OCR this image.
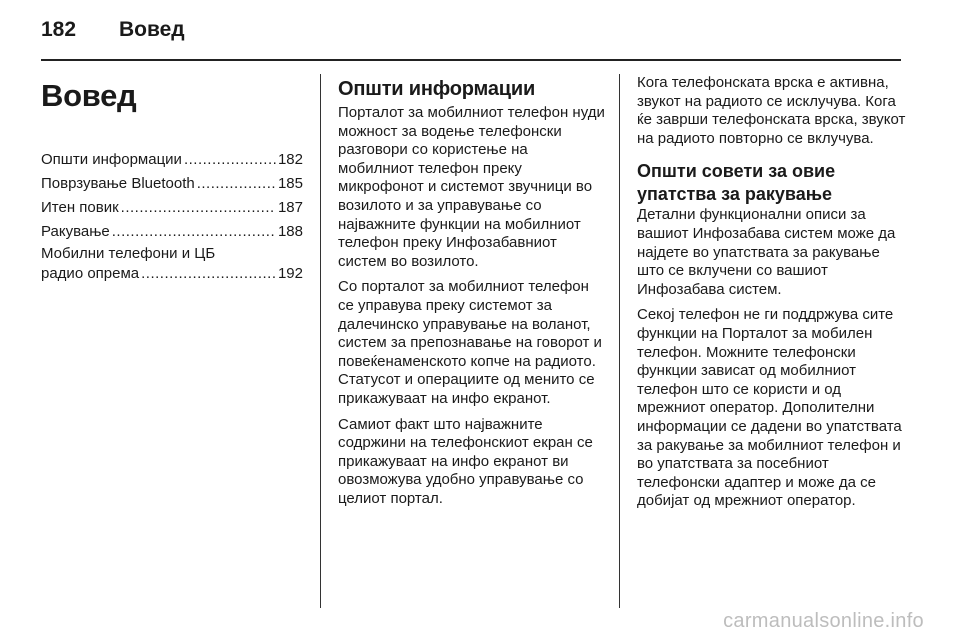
182 Вовед
Вовед
Општи информации .....	182
Поврзување Bluetooth .....	185
Итен повик .....	187
Ракување .....	188
Мобилни телефони и ЦБ
радио опрема .....	192
Општи информации

Порталот за мобилниот телефон нуди можност за водење телефонски разговори со користење на мобилниот телефон преку микрофонот и системот звучници во возилото и за управување со најважните функции на мобилниот телефон преку Инфозабавниот систем во возилото.

Со порталот за мобилниот телефон се управува преку системот за далечинско управување на воланот, систем за препознавање на говорот и повеќенаменското копче на радиото. Статусот и операциите од менито се прикажуваат на инфо екранот.

Самиот факт што најважните содржини на телефонскиот екран се прикажуваат на инфо екранот ви овозможува удобно управување со целиот портал.

Кога телефонската врска е активна, звукот на радиото се исклучува. Кога ќе заврши телефонската врска, звукот на радиото повторно се вклучува.

Општи совети за овие упатства за ракување

Детални функционални описи за вашиот Инфозабава систем може да најдете во упатствата за ракување што се вклучени со вашиот Инфозабава систем.

Секој телефон не ги поддржува сите функции на Порталот за мобилен телефон. Можните телефонски функции зависат од мобилниот телефон што се користи и од мрежниот оператор. Дополителни информации се дадени во упатствата за ракување за мобилниот телефон и во упатствата за посебниот телефонски адаптер и може да се добијат од мрежниот оператор.

carmanualsonline.info
